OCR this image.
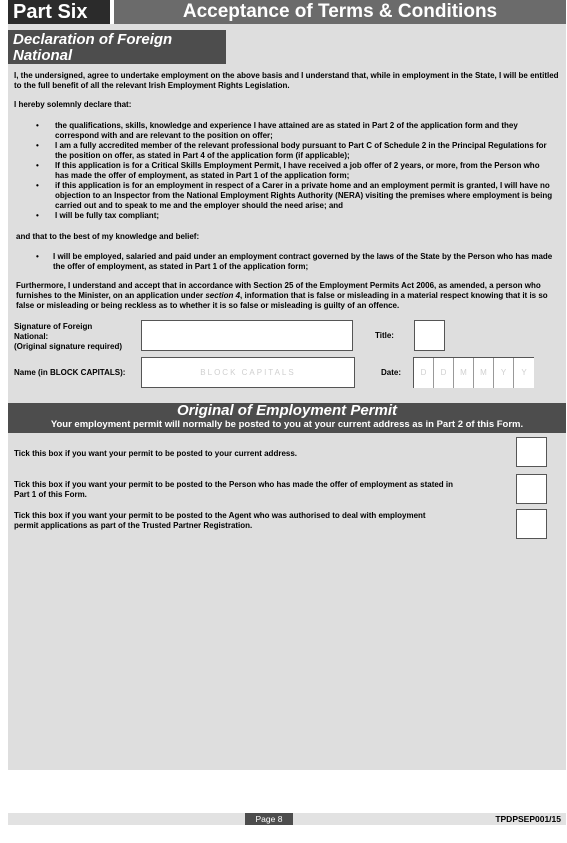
Part Six	Acceptance of Terms & Conditions
Declaration of Foreign National
I, the undersigned, agree to undertake employment on the above basis and I understand that, while in employment in the State, I will be entitled to the full benefit of all the relevant Irish Employment Rights Legislation.
I hereby solemnly declare that:
• the qualifications, skills, knowledge and experience I have attained are as stated in Part 2 of the application form and they correspond with and are relevant to the position on offer;
• I am a fully accredited member of the relevant professional body pursuant to Part C of Schedule 2 in the Principal Regulations for the position on offer, as stated in Part 4 of the application form (if applicable);
• If this application is for a Critical Skills Employment Permit, I have received a job offer of 2 years, or more, from the Person who has made the offer of employment, as stated in Part 1 of the application form;
• if this application is for an employment in respect of a Carer in a private home and an employment permit is granted, I will have no objection to an Inspector from the National Employment Rights Authority (NERA) visiting the premises where employment is being carried out and to speak to me and the employer should the need arise; and
• I will be fully tax compliant;
and that to the best of my knowledge and belief:
• I will be employed, salaried and paid under an employment contract governed by the laws of the State by the Person who has made the offer of employment, as stated in Part 1 of the application form;
Furthermore, I understand and accept that in accordance with Section 25 of the Employment Permits Act 2006, as amended, a person who furnishes to the Minister, on an application under section 4, information that is false or misleading in a material respect knowing that it is so false or misleading or being reckless as to whether it is so false or misleading is guilty of an offence.
Signature of Foreign
National:
(Original signature required)
Title:
Name (in BLOCK CAPITALS):	BLOCK CAPITALS	Date:	D	D	M	M	Y	Y
Original of Employment Permit
Your employment permit will normally be posted to you at your current address as in Part 2 of this Form.
Tick this box if you want your permit to be posted to your current address.
Tick this box if you want your permit to be posted to the Person who has made the offer of employment as stated in Part 1 of this Form.
Tick this box if you want your permit to be posted to the Agent who was authorised to deal with employment permit applications as part of the Trusted Partner Registration.
Page 8	TPDPSEP001/15
